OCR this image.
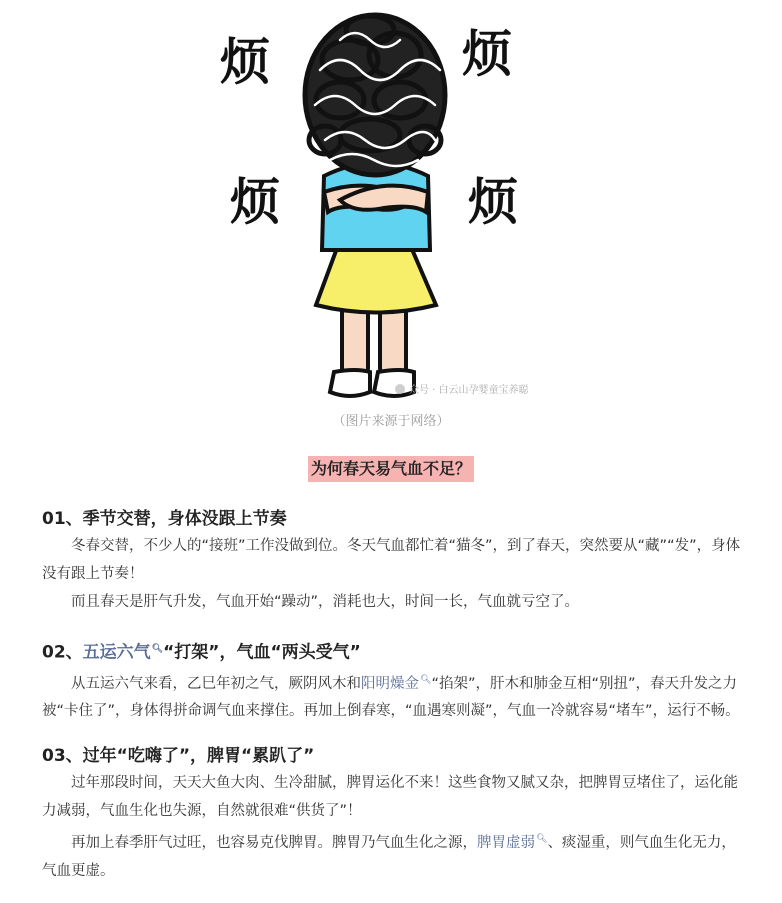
烦	烦
烦	烦
众号 · 白云山孕婴童宝养聪
（图片来源于网络）
为何春天易气血不足？

01、季节交替，身体没跟上节奏

冬春交替，不少人的“接班”工作没做到位。冬天气血都忙着“猫冬”，到了春天，突然要从“藏”“发”，身体没有跟上节奏！

而且春天是肝气升发，气血开始“躁动”，消耗也大，时间一长，气血就亏空了。

02、五运六气🔍︎“打架”，气血“两头受气”

从五运六气来看，乙巳年初之气，厥阴风木和阳明燥金🔍︎“掐架”，肝木和肺金互相“别扭”，春天升发之力被“卡住了”，身体得拼命调气血来撑住。再加上倒春寒，“血遇寒则凝”，气血一冷就容易“堵车”，运行不畅。

03、过年“吃嗨了”，脾胃“累趴了”

过年那段时间，天天大鱼大肉、生冷甜腻，脾胃运化不来！这些食物又腻又杂，把脾胃豆堵住了，运化能力减弱，气血生化也失源，自然就很难“供货了”！

再加上春季肝气过旺，也容易克伐脾胃。脾胃乃气血生化之源，脾胃虚弱🔍︎、痰湿重，则气血生化无力，气血更虚。
